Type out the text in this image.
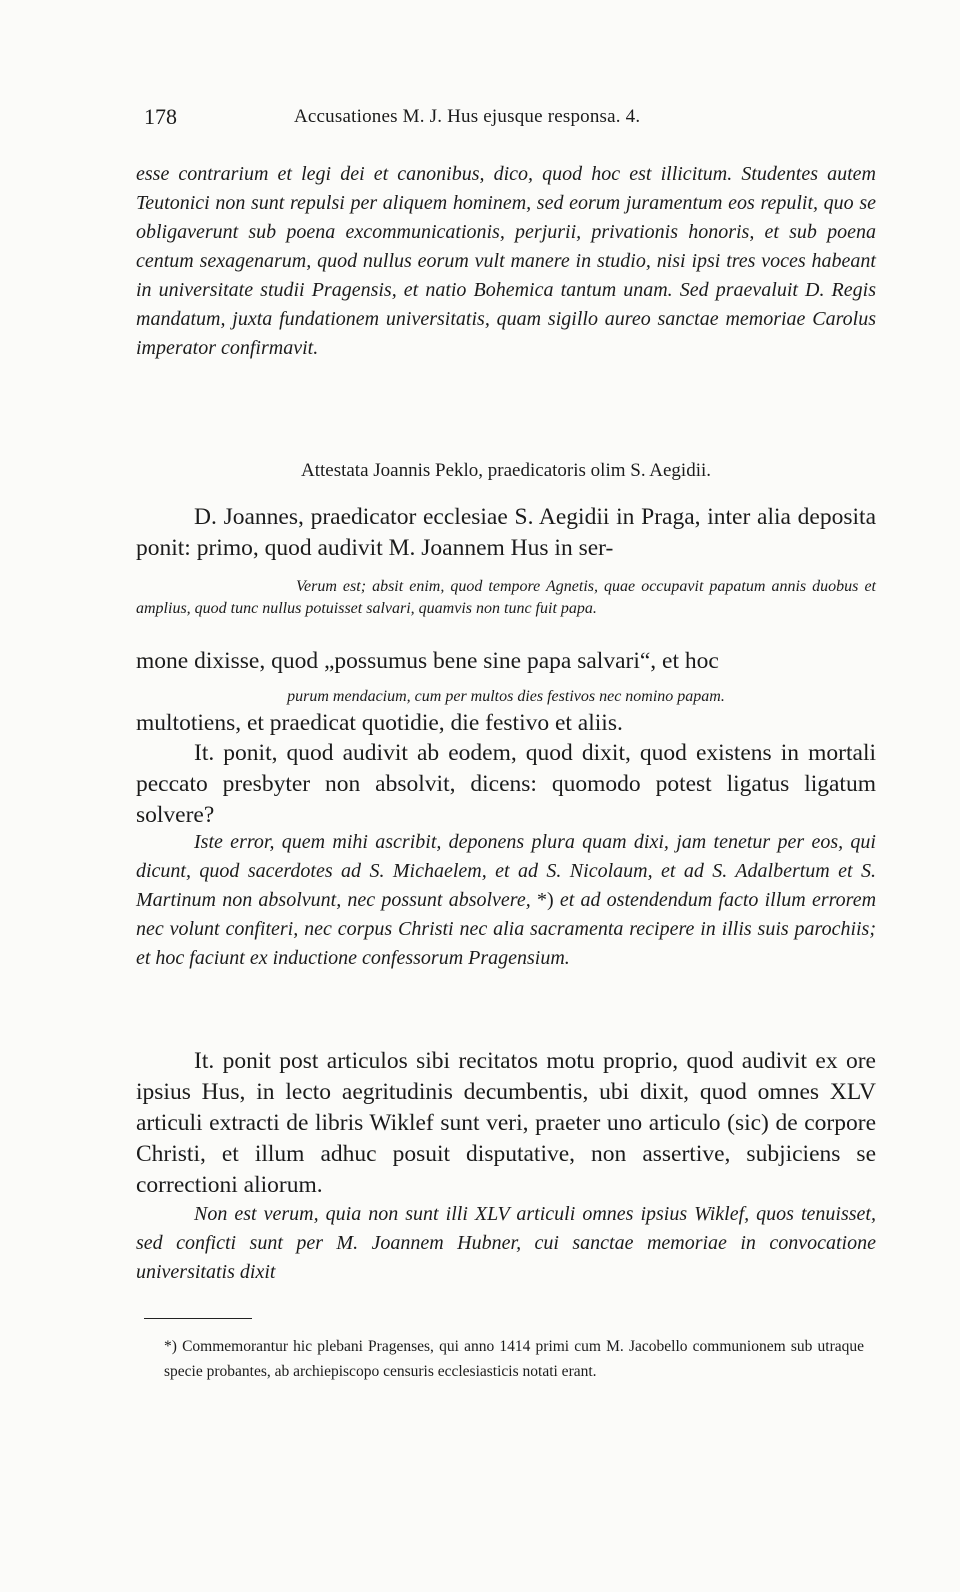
178	Accusationes M. J. Hus ejusque responsa. 4.

esse contrarium et legi dei et canonibus, dico, quod hoc est illicitum. Studentes autem Teutonici non sunt repulsi per aliquem hominem, sed eorum juramentum eos repulit, quo se obligaverunt sub poena excommunicationis, perjurii, privationis honoris, et sub poena centum sexagenarum, quod nullus eorum vult manere in studio, nisi ipsi tres voces habeant in universitate studii Pragensis, et natio Bohemica tantum unam. Sed praevaluit D. Regis mandatum, juxta fundationem universitatis, quam sigillo aureo sanctae memoriae Carolus imperator confirmavit.

Attestata Joannis Peklo, praedicatoris olim S. Aegidii.

D. Joannes, praedicator ecclesiae S. Aegidii in Praga, inter alia deposita ponit: primo, quod audivit M. Joannem Hus in ser-

Verum est; absit enim, quod tempore Agnetis, quae occupavit papatum annis duobus et amplius, quod tunc nullus potuisset salvari, quamvis non tunc fuit papa.

mone dixisse, quod „possumus bene sine papa salvari“, et hoc

purum mendacium, cum per multos dies festivos nec nomino papam.

multotiens, et praedicat quotidie, die festivo et aliis.

It. ponit, quod audivit ab eodem, quod dixit, quod existens in mortali peccato presbyter non absolvit, dicens: quomodo potest ligatus ligatum solvere?

Iste error, quem mihi ascribit, deponens plura quam dixi, jam tenetur per eos, qui dicunt, quod sacerdotes ad S. Michaelem, et ad S. Nicolaum, et ad S. Adalbertum et S. Martinum non absolvunt, nec possunt absolvere, *) et ad ostendendum facto illum errorem nec volunt confiteri, nec corpus Christi nec alia sacramenta recipere in illis suis parochiis; et hoc faciunt ex inductione confessorum Pragensium.

It. ponit post articulos sibi recitatos motu proprio, quod audivit ex ore ipsius Hus, in lecto aegritudinis decumbentis, ubi dixit, quod omnes XLV articuli extracti de libris Wiklef sunt veri, praeter uno articulo (sic) de corpore Christi, et illum adhuc posuit disputative, non assertive, subjiciens se correctioni aliorum.

Non est verum, quia non sunt illi XLV articuli omnes ipsius Wiklef, quos tenuisset, sed conficti sunt per M. Joannem Hubner, cui sanctae memoriae in convocatione universitatis dixit

*) Commemorantur hic plebani Pragenses, qui anno 1414 primi cum M. Jacobello communionem sub utraque specie probantes, ab archiepiscopo censuris ecclesiasticis notati erant.
